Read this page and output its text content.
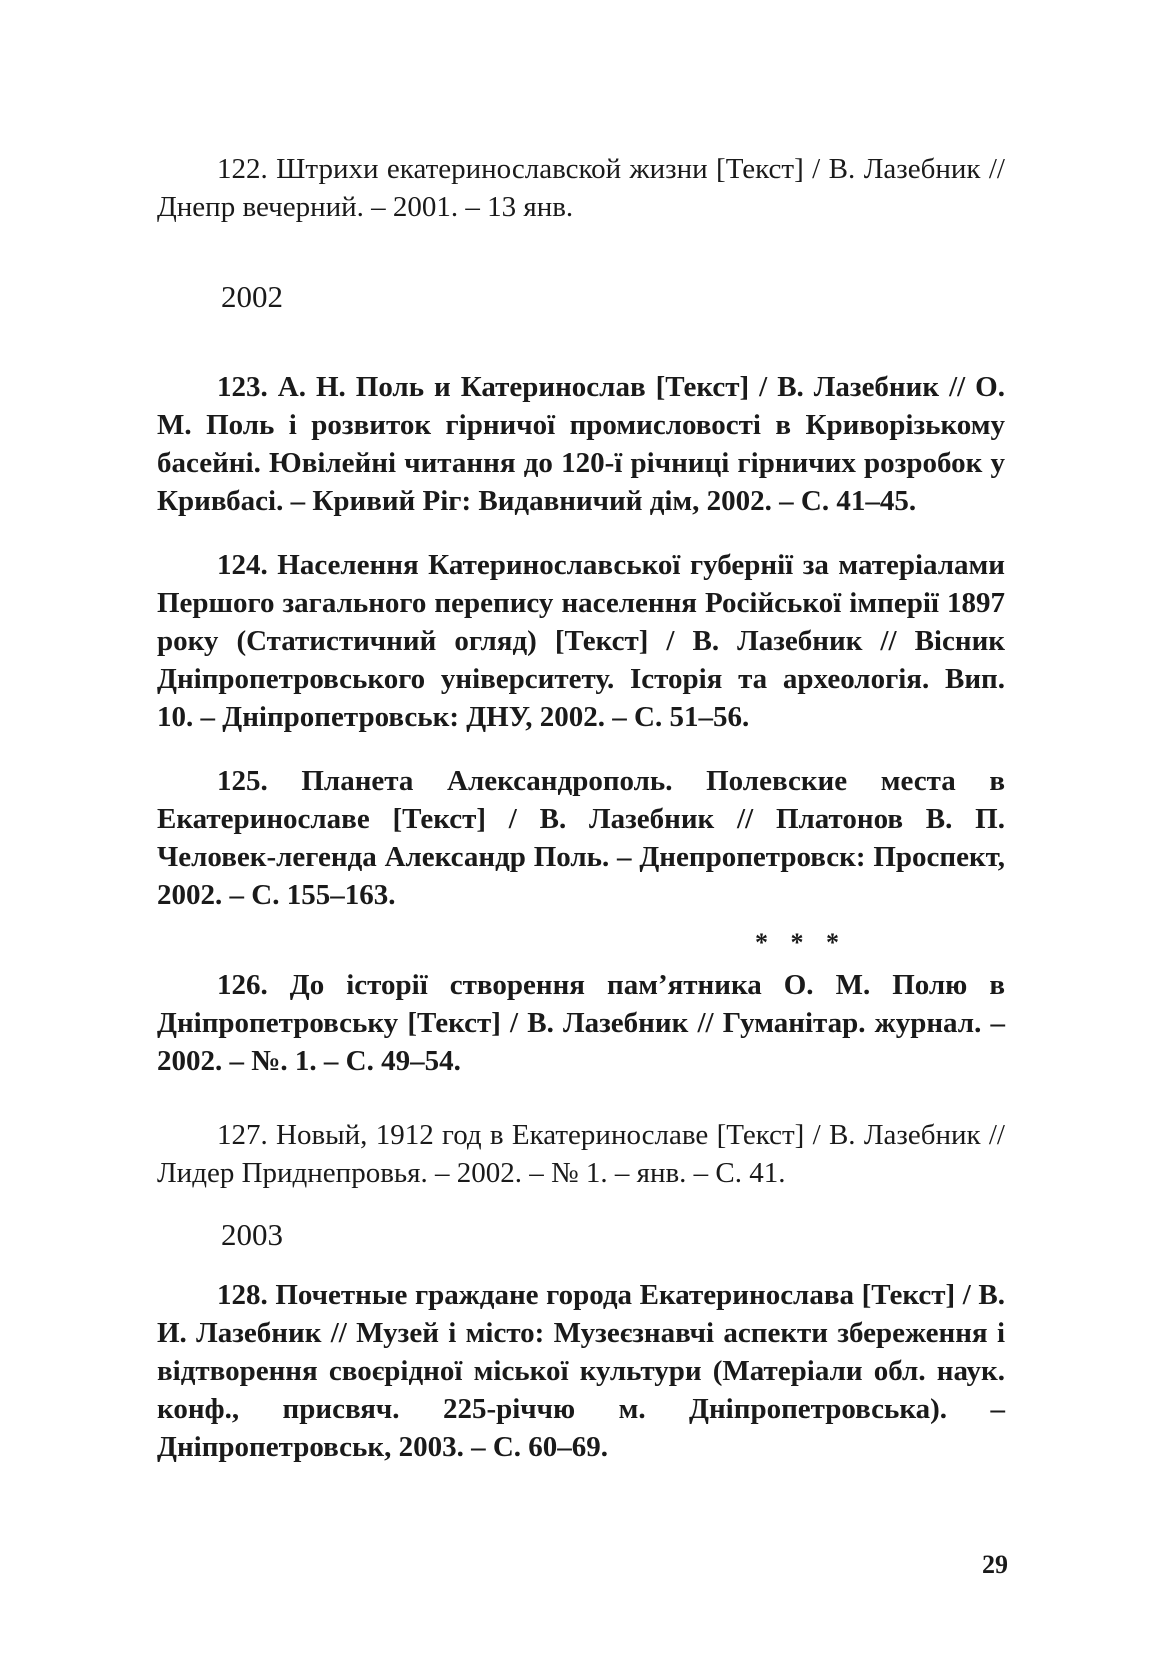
122. Штрихи екатеринославской жизни [Текст] / В. Лазебник // Днепр вечерний. – 2001. – 13 янв.

2002

123. А. Н. Поль и Катеринослав [Текст] / В. Лазебник // О. М. Поль і розвиток гірничої промисловості в Криворізькому басейні. Ювілейні читання до 120-ї річниці гірничих розробок у Кривбасі. – Кривий Ріг: Видавничий дім, 2002. – С. 41–45.

124. Населення Катеринославської губернії за матеріалами Першого загального перепису населення Російської імперії 1897 року (Статистичний огляд) [Текст] / В. Лазебник // Вісник Дніпропетровського університету. Історія та археологія. Вип. 10. – Дніпропетровськ: ДНУ, 2002. – С. 51–56.

125. Планета Александрополь. Полевские места в Екатеринославе [Текст] / В. Лазебник // Платонов В. П. Человек-легенда Александр Поль. – Днепропетровск: Проспект, 2002. – С. 155–163.

* * *

126. До історії створення пам’ятника О. М. Полю в Дніпропетровську [Текст] / В. Лазебник // Гуманітар. журнал. – 2002. – №. 1. – С. 49–54.

127. Новый, 1912 год в Екатеринославе [Текст] / В. Лазебник // Лидер Приднепровья. – 2002. – № 1. – янв. – С. 41.

2003

128. Почетные граждане города Екатеринослава [Текст] / В. И. Лазебник // Музей і місто: Музеєзнавчі аспекти збереження і відтворення своєрідної міської культури (Матеріали обл. наук. конф., присвяч. 225-річчю м. Дніпропетровська). – Дніпропетровськ, 2003. – С. 60–69.

29
